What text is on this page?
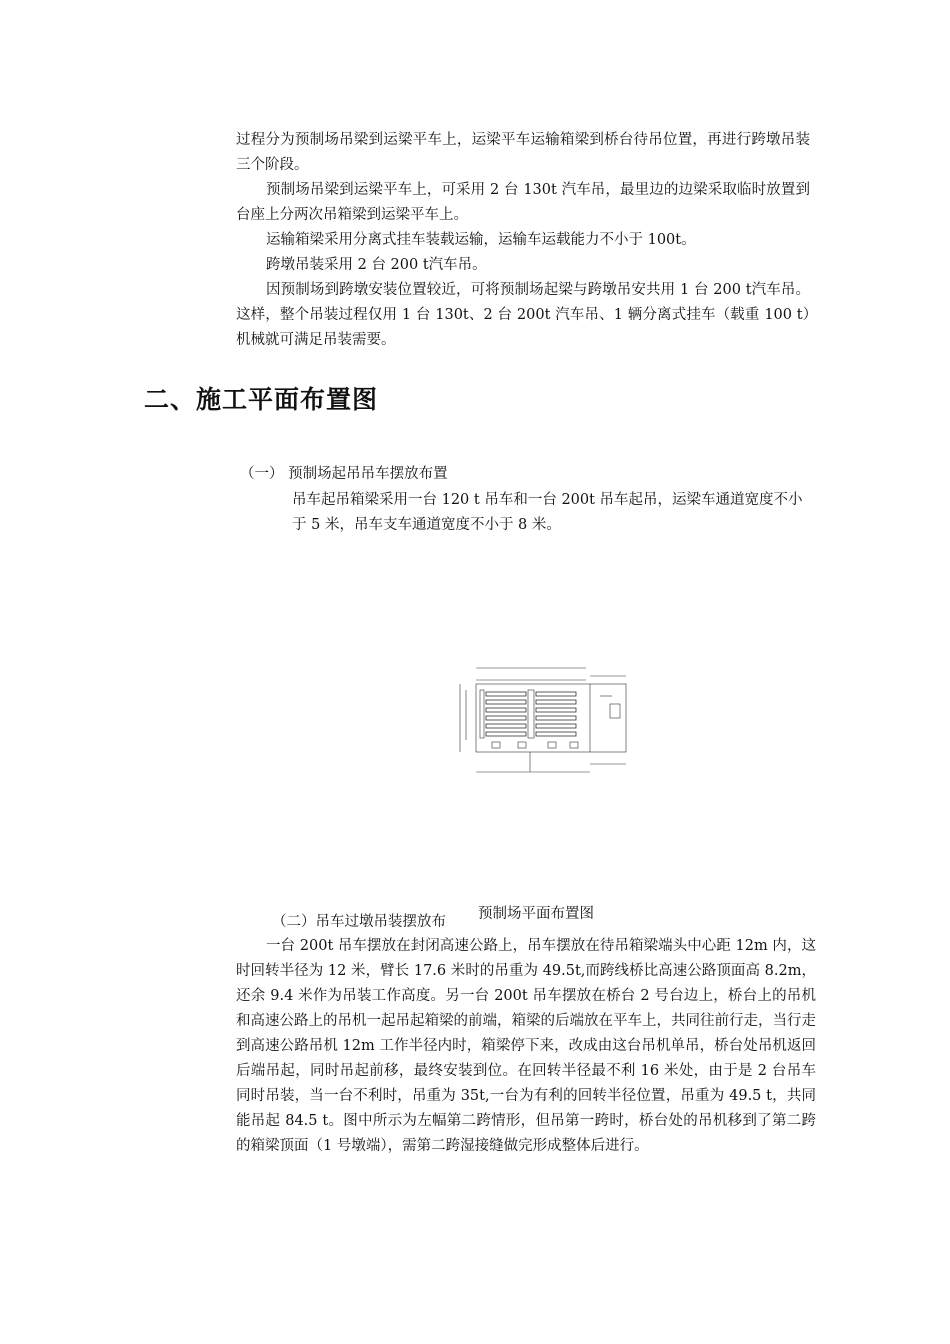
过程分为预制场吊梁到运梁平车上，运梁平车运输箱梁到桥台待吊位置，再进行跨墩吊装三个阶段。
预制场吊梁到运梁平车上，可采用 2 台 130t 汽车吊，最里边的边梁采取临时放置到台座上分两次吊箱梁到运梁平车上。
运输箱梁采用分离式挂车装载运输，运输车运载能力不小于 100t。
跨墩吊装采用 2 台 200 t汽车吊。
因预制场到跨墩安装位置较近，可将预制场起梁与跨墩吊安共用 1 台 200 t汽车吊。这样，整个吊装过程仅用 1 台 130t、2 台 200t 汽车吊、1 辆分离式挂车（载重 100 t）机械就可满足吊装需要。
二、施工平面布置图
（一） 预制场起吊吊车摆放布置
吊车起吊箱梁采用一台 120 t 吊车和一台 200t 吊车起吊，运梁车通道宽度不小于 5 米，吊车支车通道宽度不小于 8 米。
预制场平面布置图
（二）吊车过墩吊装摆放布
一台 200t 吊车摆放在封闭高速公路上，吊车摆放在待吊箱梁端头中心距 12m 内，这时回转半径为 12 米，臂长 17.6 米时的吊重为 49.5t,而跨线桥比高速公路顶面高 8.2m，还余 9.4 米作为吊装工作高度。另一台 200t 吊车摆放在桥台 2 号台边上，桥台上的吊机和高速公路上的吊机一起吊起箱梁的前端，箱梁的后端放在平车上，共同往前行走，当行走到高速公路吊机 12m 工作半径内时，箱梁停下来，改成由这台吊机单吊，桥台处吊机返回后端吊起，同时吊起前移，最终安装到位。在回转半径最不利 16 米处，由于是 2 台吊车同时吊装，当一台不利时，吊重为 35t,一台为有利的回转半径位置，吊重为 49.5 t，共同能吊起 84.5 t。图中所示为左幅第二跨情形，但吊第一跨时，桥台处的吊机移到了第二跨的箱梁顶面（1 号墩端），需第二跨湿接缝做完形成整体后进行。
